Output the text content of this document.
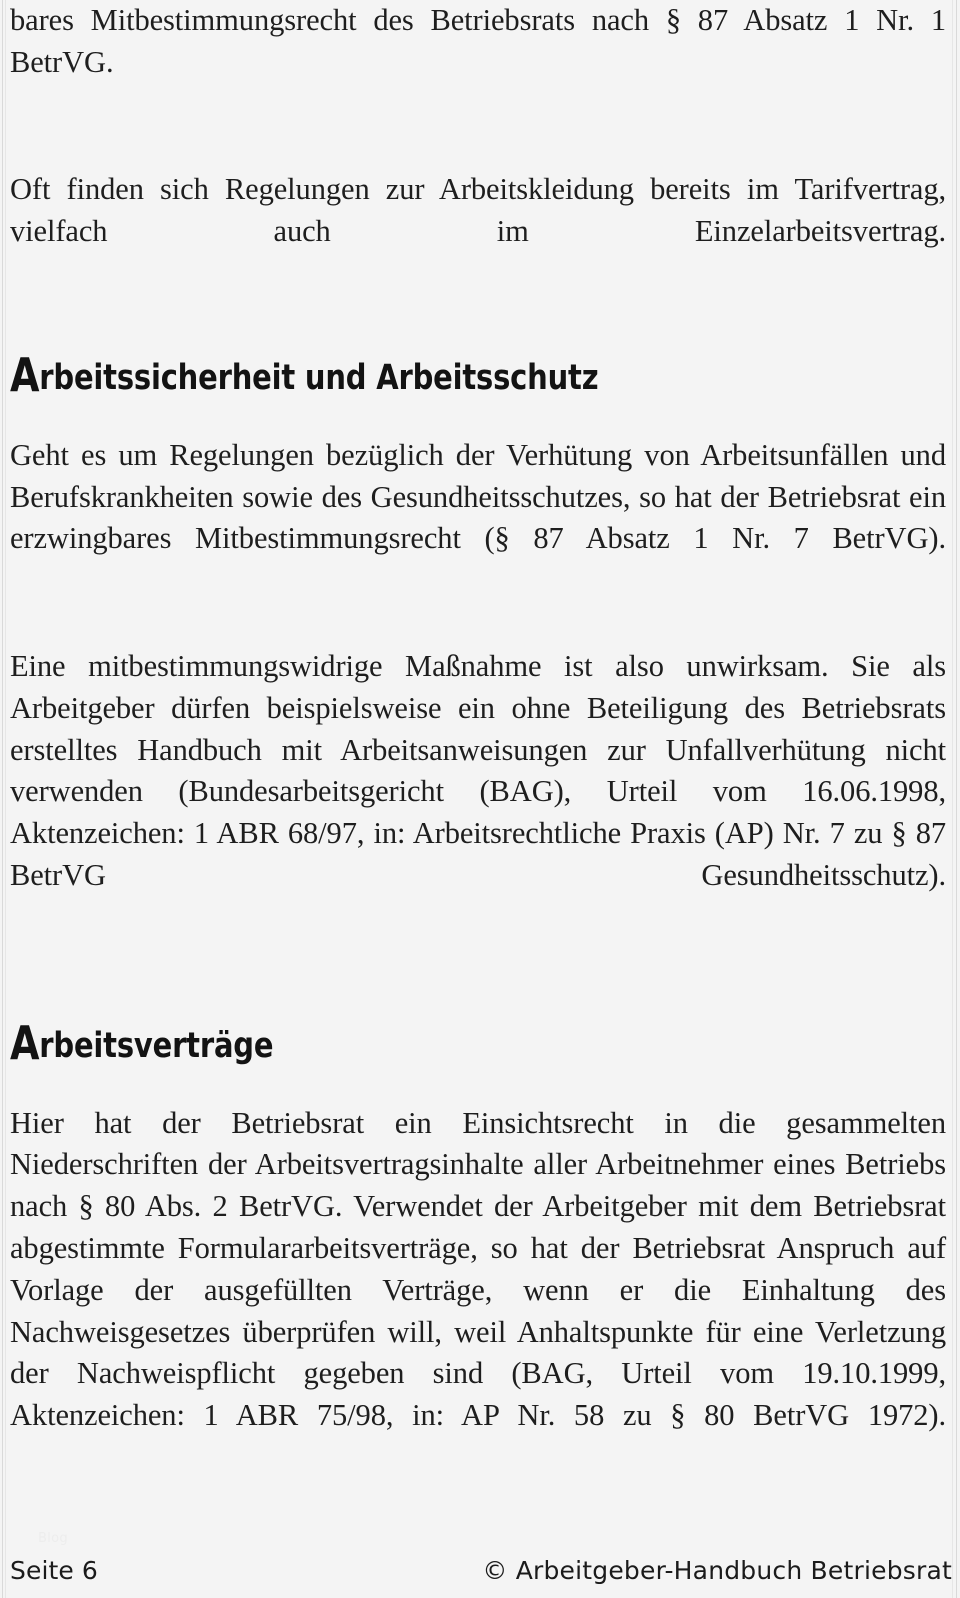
bares Mitbestimmungsrecht des Betriebsrats nach § 87 Absatz 1 Nr. 1 BetrVG.

Oft finden sich Regelungen zur Arbeitskleidung bereits im Tarifvertrag, vielfach auch im Einzelarbeitsvertrag.

Arbeitssicherheit und Arbeitsschutz

Geht es um Regelungen bezüglich der Verhütung von Arbeitsunfällen und Berufskrankheiten sowie des Gesundheitsschutzes, so hat der Betriebsrat ein erzwingbares Mitbestimmungsrecht (§ 87 Absatz 1 Nr. 7 BetrVG).

Eine mitbestimmungswidrige Maßnahme ist also unwirksam. Sie als Arbeitgeber dürfen beispielsweise ein ohne Beteiligung des Betriebsrats erstelltes Handbuch mit Arbeitsanweisungen zur Unfallverhütung nicht verwenden (Bundesarbeitsgericht (BAG), Urteil vom 16.06.1998, Aktenzeichen: 1 ABR 68/97, in: Arbeitsrechtliche Praxis (AP) Nr. 7 zu § 87 BetrVG Gesundheitsschutz).

Arbeitsverträge

Hier hat der Betriebsrat ein Einsichtsrecht in die gesammelten Niederschriften der Arbeitsvertragsinhalte aller Arbeitnehmer eines Betriebs nach § 80 Abs. 2 BetrVG. Verwendet der Arbeitgeber mit dem Betriebsrat abgestimmte Formulararbeitsverträge, so hat der Betriebsrat Anspruch auf Vorlage der ausgefüllten Verträge, wenn er die Einhaltung des Nachweisgesetzes überprüfen will, weil Anhaltspunkte für eine Verletzung der Nachweispflicht gegeben sind (BAG, Urteil vom 19.10.1999, Aktenzeichen: 1 ABR 75/98, in: AP Nr. 58 zu § 80 BetrVG 1972).

Blog
Seite 6	© Arbeitgeber-Handbuch Betriebsrat
